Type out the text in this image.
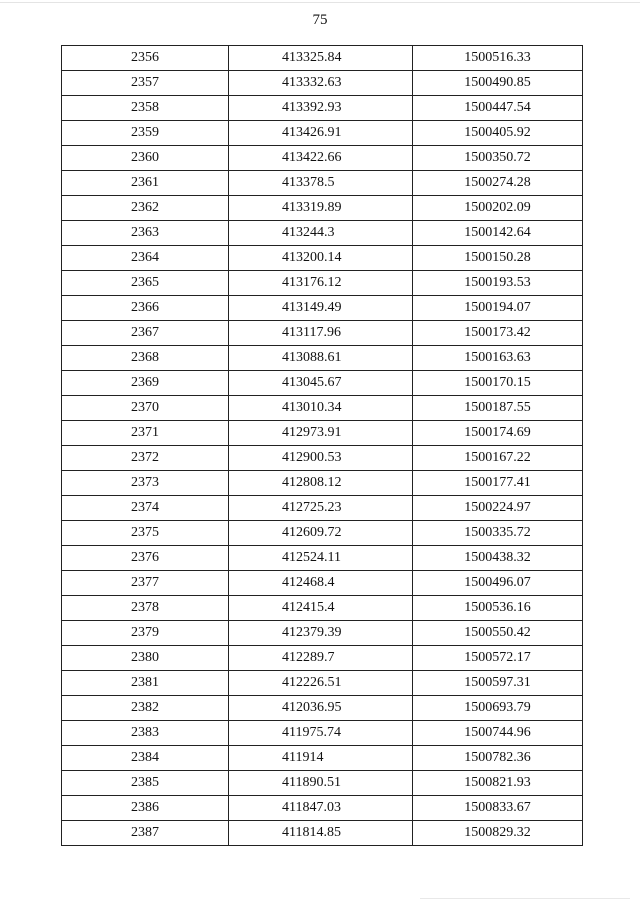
75
2356	413325.84	1500516.33
2357	413332.63	1500490.85
2358	413392.93	1500447.54
2359	413426.91	1500405.92
2360	413422.66	1500350.72
2361	413378.5	1500274.28
2362	413319.89	1500202.09
2363	413244.3	1500142.64
2364	413200.14	1500150.28
2365	413176.12	1500193.53
2366	413149.49	1500194.07
2367	413117.96	1500173.42
2368	413088.61	1500163.63
2369	413045.67	1500170.15
2370	413010.34	1500187.55
2371	412973.91	1500174.69
2372	412900.53	1500167.22
2373	412808.12	1500177.41
2374	412725.23	1500224.97
2375	412609.72	1500335.72
2376	412524.11	1500438.32
2377	412468.4	1500496.07
2378	412415.4	1500536.16
2379	412379.39	1500550.42
2380	412289.7	1500572.17
2381	412226.51	1500597.31
2382	412036.95	1500693.79
2383	411975.74	1500744.96
2384	411914	1500782.36
2385	411890.51	1500821.93
2386	411847.03	1500833.67
2387	411814.85	1500829.32
